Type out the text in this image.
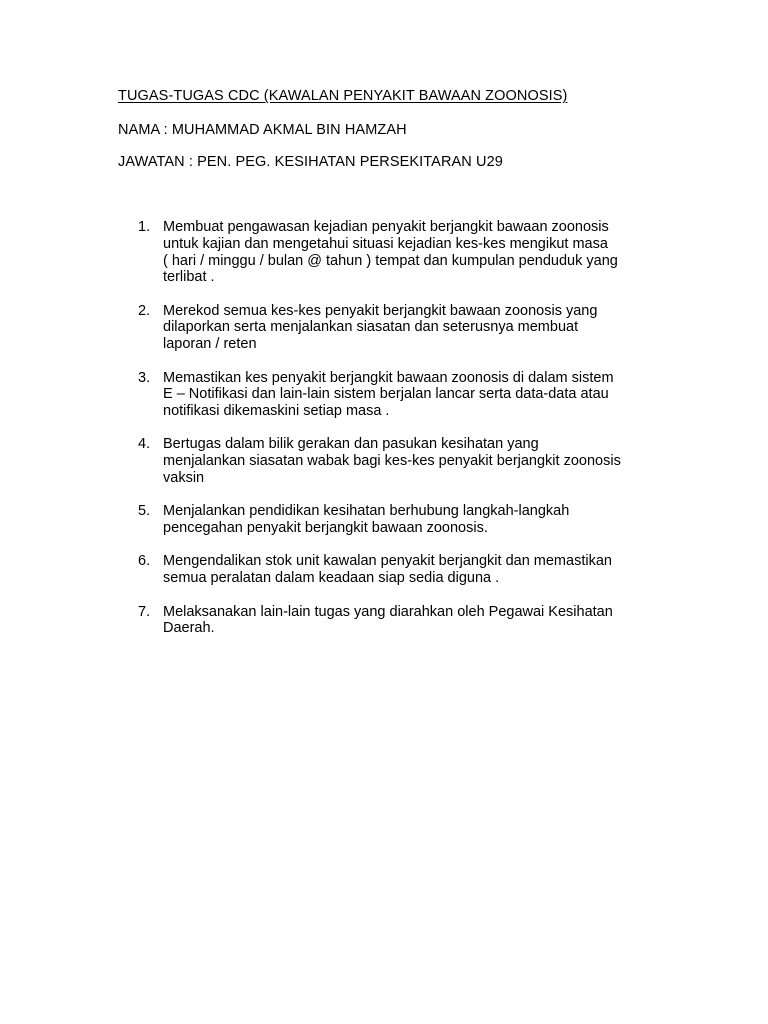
TUGAS-TUGAS CDC (KAWALAN PENYAKIT BAWAAN ZOONOSIS)
NAMA : MUHAMMAD AKMAL BIN HAMZAH
JAWATAN : PEN. PEG. KESIHATAN PERSEKITARAN U29
1. Membuat pengawasan kejadian penyakit berjangkit bawaan zoonosis
untuk kajian dan mengetahui situasi kejadian kes-kes mengikut masa
( hari / minggu / bulan @ tahun ) tempat dan kumpulan penduduk yang
terlibat .
2. Merekod semua kes-kes penyakit berjangkit bawaan zoonosis yang
dilaporkan serta menjalankan siasatan dan seterusnya membuat
laporan / reten
3. Memastikan kes penyakit berjangkit bawaan zoonosis di dalam sistem
E – Notifikasi dan lain-lain sistem berjalan lancar serta data-data atau
notifikasi dikemaskini setiap masa .
4. Bertugas dalam bilik gerakan dan pasukan kesihatan yang
menjalankan siasatan wabak bagi kes-kes penyakit berjangkit zoonosis
vaksin
5. Menjalankan pendidikan kesihatan berhubung langkah-langkah
pencegahan penyakit berjangkit bawaan zoonosis.
6. Mengendalikan stok unit kawalan penyakit berjangkit dan memastikan
semua peralatan dalam keadaan siap sedia diguna .
7. Melaksanakan lain-lain tugas yang diarahkan oleh Pegawai Kesihatan
Daerah.
